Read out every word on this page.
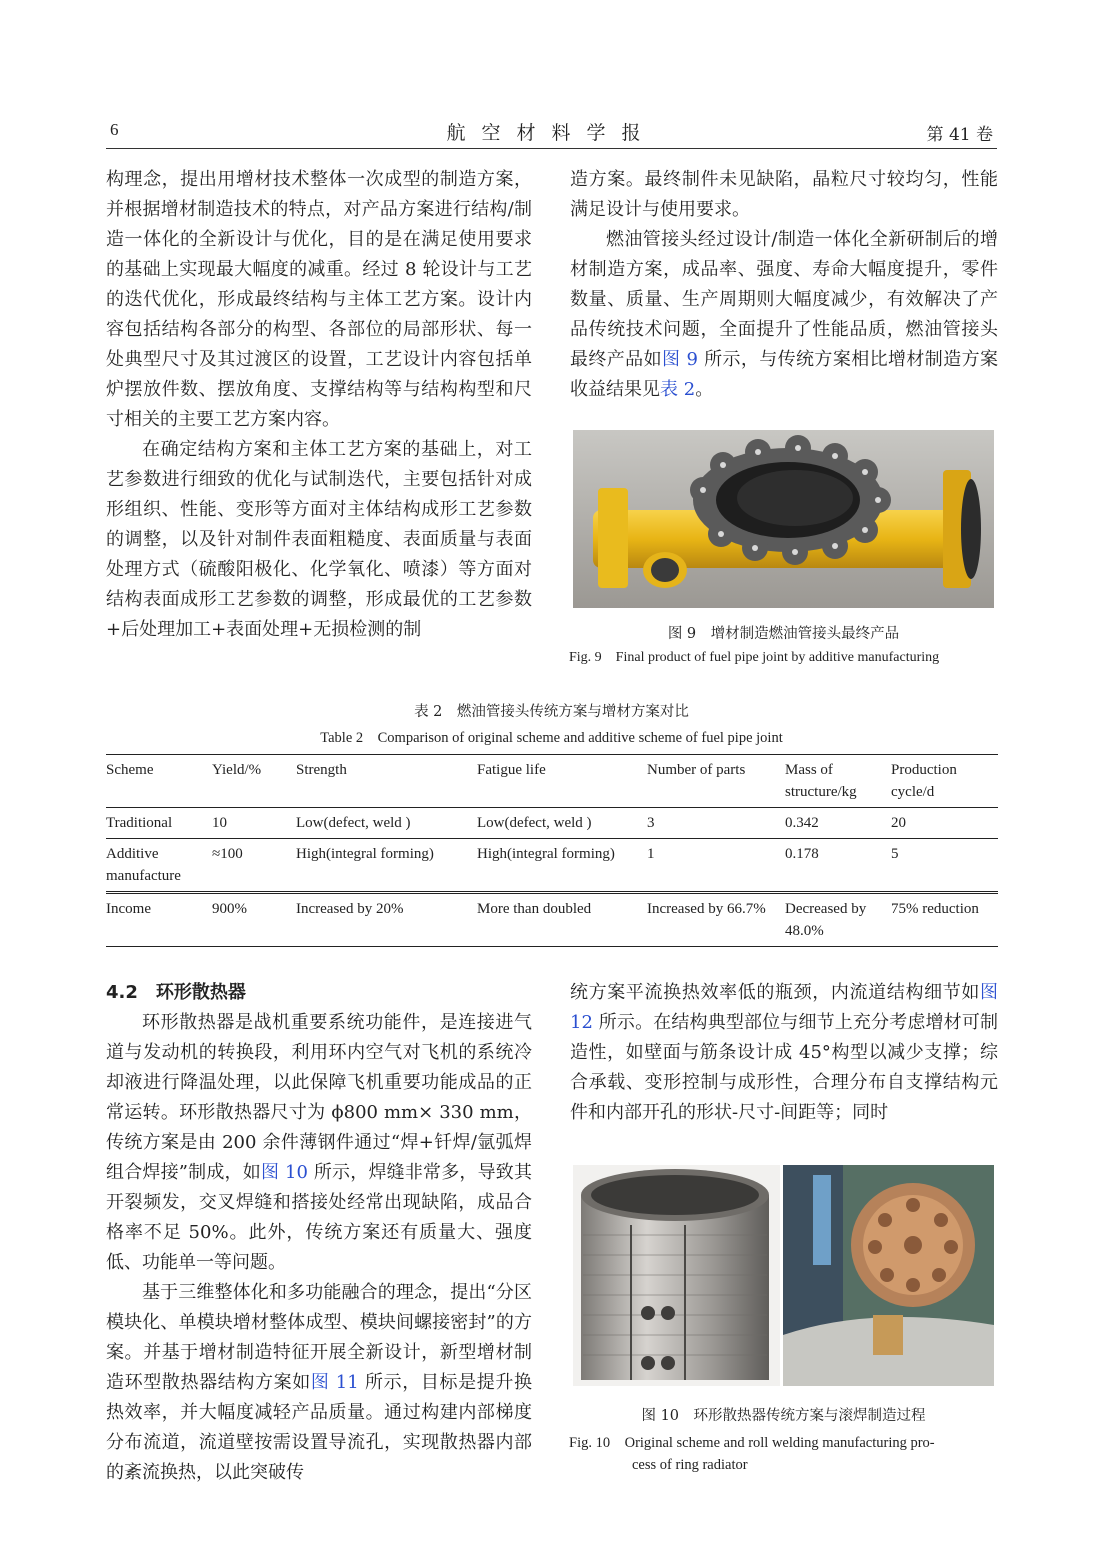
6	航空材料学报	第 41 卷

构理念，提出用增材技术整体一次成型的制造方案，并根据增材制造技术的特点，对产品方案进行结构/制造一体化的全新设计与优化，目的是在满足使用要求的基础上实现最大幅度的减重。经过 8 轮设计与工艺的迭代优化，形成最终结构与主体工艺方案。设计内容包括结构各部分的构型、各部位的局部形状、每一处典型尺寸及其过渡区的设置，工艺设计内容包括单炉摆放件数、摆放角度、支撑结构等与结构构型和尺寸相关的主要工艺方案内容。

在确定结构方案和主体工艺方案的基础上，对工艺参数进行细致的优化与试制迭代，主要包括针对成形组织、性能、变形等方面对主体结构成形工艺参数的调整，以及针对制件表面粗糙度、表面质量与表面处理方式（硫酸阳极化、化学氧化、喷漆）等方面对结构表面成形工艺参数的调整，形成最优的工艺参数+后处理加工+表面处理+无损检测的制

造方案。最终制件未见缺陷，晶粒尺寸较均匀，性能满足设计与使用要求。

燃油管接头经过设计/制造一体化全新研制后的增材制造方案，成品率、强度、寿命大幅度提升，零件数量、质量、生产周期则大幅度减少，有效解决了产品传统技术问题，全面提升了性能品质，燃油管接头最终产品如图 9 所示，与传统方案相比增材制造方案收益结果见表 2。

图 9　增材制造燃油管接头最终产品
Fig. 9　Final product of fuel pipe joint by additive manufacturing
表 2　燃油管接头传统方案与增材方案对比
Table 2　Comparison of original scheme and additive scheme of fuel pipe joint
Scheme	Yield/%	Strength	Fatigue life	Number of parts	Mass of structure/kg	Production cycle/d
Traditional	10	Low(defect, weld )	Low(defect, weld )	3	0.342	20
Additive manufacture	≈100	High(integral forming)	High(integral forming)	1	0.178	5
Income	900%	Increased by 20%	More than doubled	Increased by 66.7%	Decreased by 48.0%	75% reduction

4.2　环形散热器

环形散热器是战机重要系统功能件，是连接进气道与发动机的转换段，利用环内空气对飞机的系统冷却液进行降温处理，以此保障飞机重要功能成品的正常运转。环形散热器尺寸为 ϕ800 mm× 330 mm，传统方案是由 200 余件薄钢件通过“焊+钎焊/氩弧焊组合焊接”制成，如图 10 所示，焊缝非常多，导致其开裂频发，交叉焊缝和搭接处经常出现缺陷，成品合格率不足 50%。此外，传统方案还有质量大、强度低、功能单一等问题。

基于三维整体化和多功能融合的理念，提出“分区模块化、单模块增材整体成型、模块间螺接密封”的方案。并基于增材制造特征开展全新设计，新型增材制造环型散热器结构方案如图 11 所示，目标是提升换热效率，并大幅度减轻产品质量。通过构建内部梯度分布流道，流道壁按需设置导流孔，实现散热器内部的紊流换热，以此突破传

统方案平流换热效率低的瓶颈，内流道结构细节如图 12 所示。在结构典型部位与细节上充分考虑增材可制造性，如壁面与筋条设计成 45°构型以减少支撑；综合承载、变形控制与成形性，合理分布自支撑结构元件和内部开孔的形状-尺寸-间距等；同时

图 10　环形散热器传统方案与滚焊制造过程
Fig. 10　Original scheme and roll welding manufacturing pro-
cess of ring radiator
